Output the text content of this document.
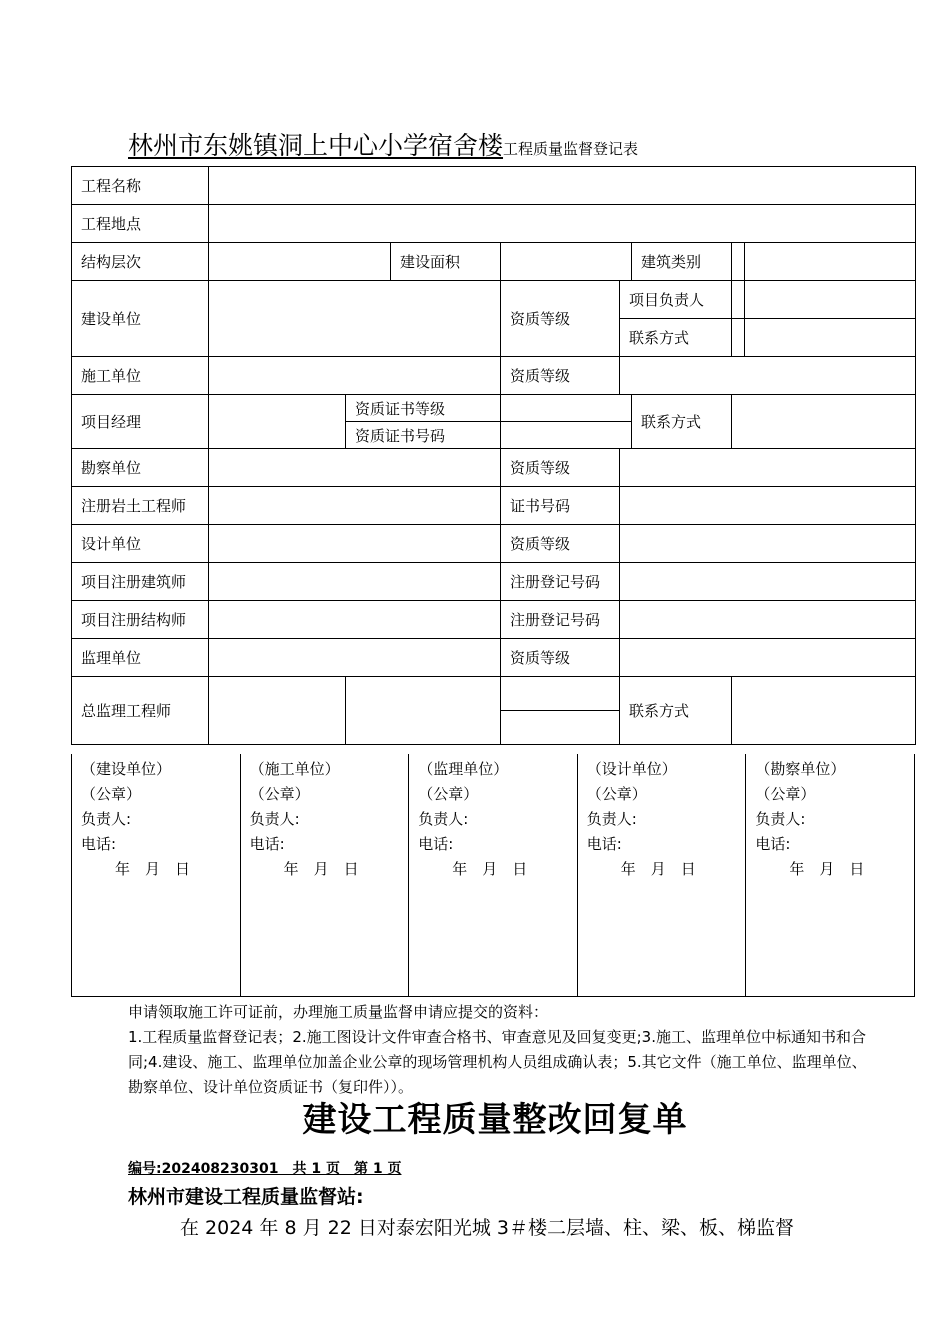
林州市东姚镇洞上中心小学宿舍楼工程质量监督登记表
工程名称							
工程地点							
结构层次			建设面积			建筑类别	

建设单位				资质等级	项目负责人		

					联系方式		

施工单位				资质等级			
项目经理		资质证书等级				联系方式	
		资质证书号码					
勘察单位				资质等级			
注册岩土工程师				证书号码			
设计单位				资质等级			
项目注册建筑师				注册登记号码			
项目注册结构师				注册登记号码			
监理单位				资质等级			
总监理工程师					联系方式		

（建设单位）
（公章）
负责人:
电话:
年　月　日

（施工单位）
（公章）
负责人:
电话:
年　月　日

（监理单位）
（公章）
负责人:
电话:
年　月　日

（设计单位）
（公章）
负责人:
电话:
年　月　日

（勘察单位）
（公章）
负责人:
电话:
年　月　日
申请领取施工许可证前，办理施工质量监督申请应提交的资料：
1.工程质量监督登记表；2.施工图设计文件审查合格书、审查意见及回复变更;3.施工、监理单位中标通知书和合同;4.建设、施工、监理单位加盖企业公章的现场管理机构人员组成确认表；5.其它文件（施工单位、监理单位、勘察单位、设计单位资质证书（复印件））。
建设工程质量整改回复单
编号:202408230301　共 1 页　第 1 页
林州市建设工程质量监督站:
在 2024 年 8 月 22 日对泰宏阳光城 3＃楼二层墙、柱、梁、板、梯监督
